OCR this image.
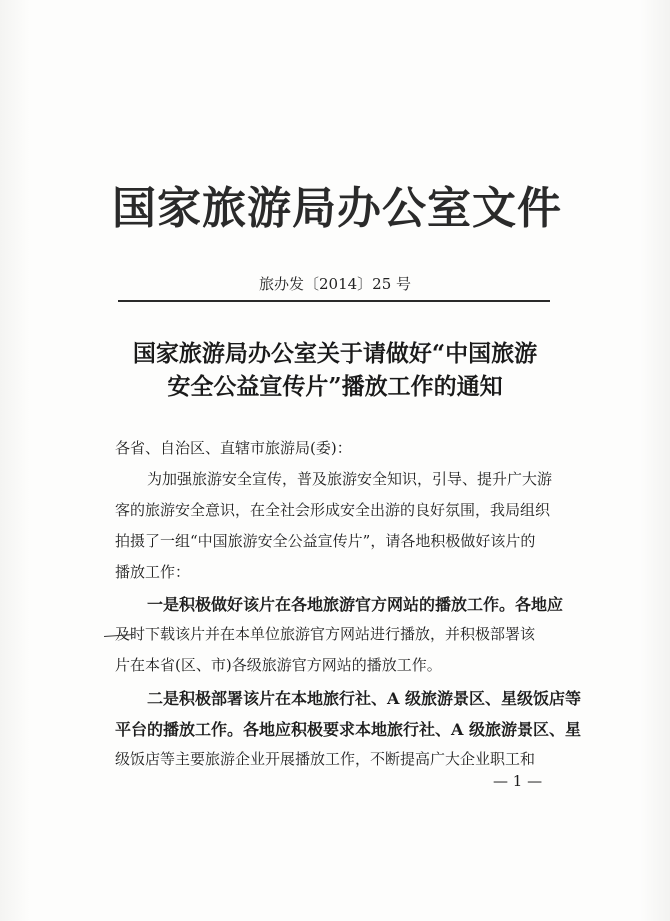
国家旅游局办公室文件
旅办发〔2014〕25 号
国家旅游局办公室关于请做好“中国旅游
安全公益宣传片”播放工作的通知
各省、自治区、直辖市旅游局(委)：
为加强旅游安全宣传，普及旅游安全知识，引导、提升广大游
客的旅游安全意识，在全社会形成安全出游的良好氛围，我局组织
拍摄了一组“中国旅游安全公益宣传片”，请各地积极做好该片的
播放工作：
一是积极做好该片在各地旅游官方网站的播放工作。各地应
及时下载该片并在本单位旅游官方网站进行播放，并积极部署该
片在本省(区、市)各级旅游官方网站的播放工作。
二是积极部署该片在本地旅行社、A 级旅游景区、星级饭店等
平台的播放工作。各地应积极要求本地旅行社、A 级旅游景区、星
级饭店等主要旅游企业开展播放工作，不断提高广大企业职工和
— 1 —
